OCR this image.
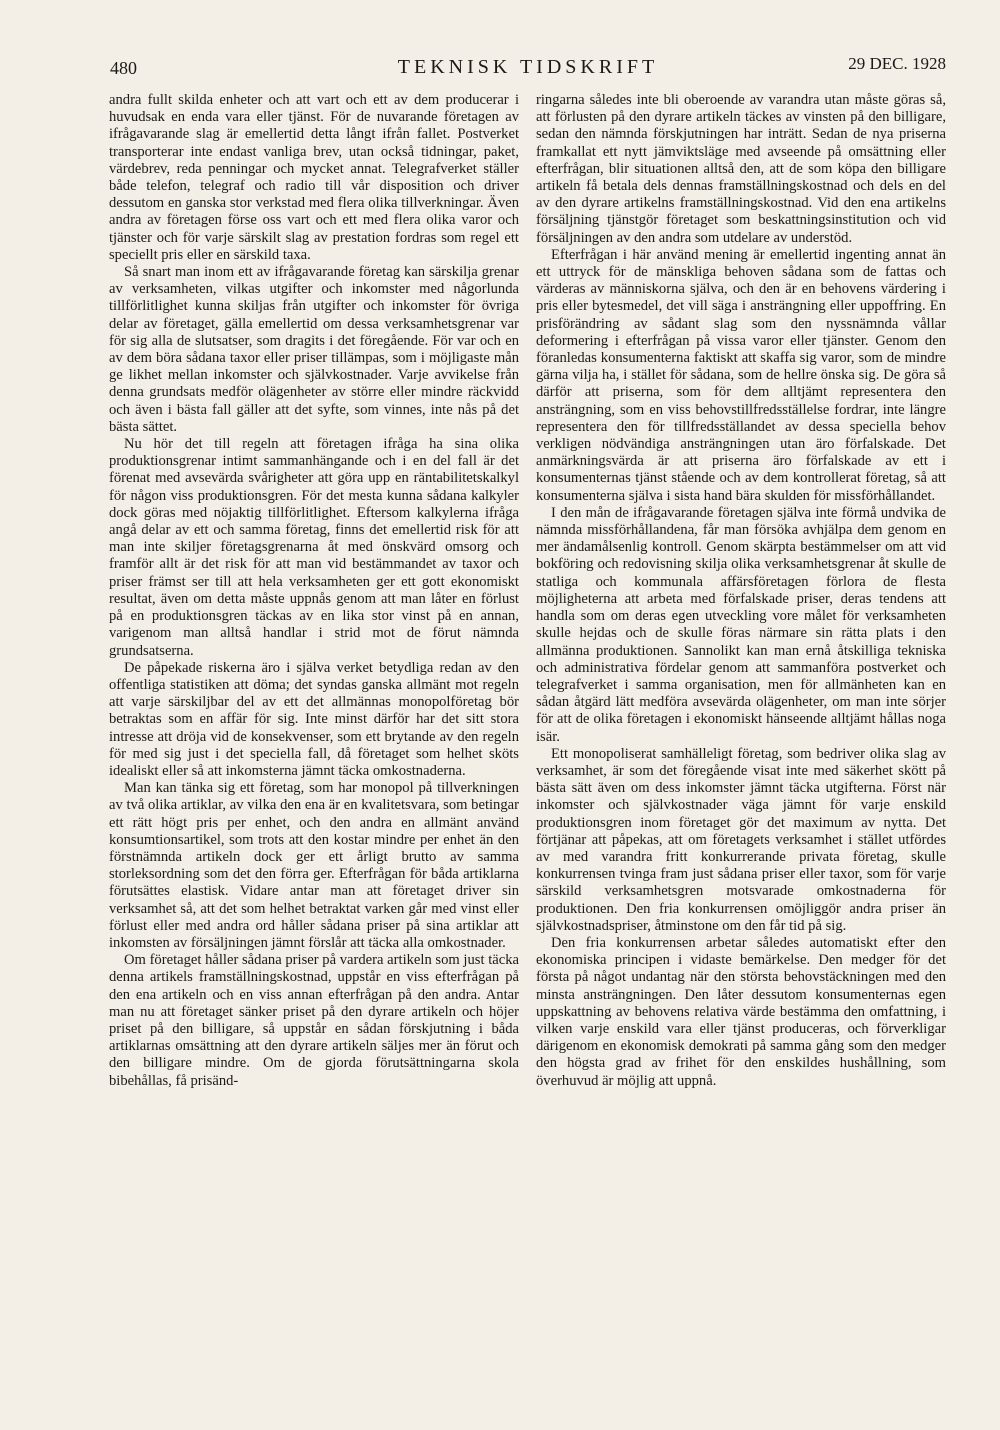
480	TEKNISK TIDSKRIFT	29 DEC. 1928

andra fullt skilda enheter och att vart och ett av dem producerar i huvudsak en enda vara eller tjänst. För de nuvarande företagen av ifrågavarande slag är emellertid detta långt ifrån fallet. Postverket transporterar inte endast vanliga brev, utan också tidningar, paket, värdebrev, reda penningar och mycket annat. Telegrafverket ställer både telefon, telegraf och radio till vår disposition och driver dessutom en ganska stor verkstad med flera olika tillverkningar. Även andra av företagen förse oss vart och ett med flera olika varor och tjänster och för varje särskilt slag av prestation fordras som regel ett speciellt pris eller en särskild taxa.

Så snart man inom ett av ifrågavarande företag kan särskilja grenar av verksamheten, vilkas utgifter och inkomster med någorlunda tillförlitlighet kunna skiljas från utgifter och inkomster för övriga delar av företaget, gälla emellertid om dessa verksamhetsgrenar var för sig alla de slutsatser, som dragits i det föregående. För var och en av dem böra sådana taxor eller priser tillämpas, som i möjligaste mån ge likhet mellan inkomster och självkostnader. Varje avvikelse från denna grundsats medför olägenheter av större eller mindre räckvidd och även i bästa fall gäller att det syfte, som vinnes, inte nås på det bästa sättet.

Nu hör det till regeln att företagen ifråga ha sina olika produktionsgrenar intimt sammanhängande och i en del fall är det förenat med avsevärda svårigheter att göra upp en räntabilitetskalkyl för någon viss produktionsgren. För det mesta kunna sådana kalkyler dock göras med nöjaktig tillförlitlighet. Eftersom kalkylerna ifråga angå delar av ett och samma företag, finns det emellertid risk för att man inte skiljer företagsgrenarna åt med önskvärd omsorg och framför allt är det risk för att man vid bestämmandet av taxor och priser främst ser till att hela verksamheten ger ett gott ekonomiskt resultat, även om detta måste uppnås genom att man låter en förlust på en produktionsgren täckas av en lika stor vinst på en annan, varigenom man alltså handlar i strid mot de förut nämnda grundsatserna.

De påpekade riskerna äro i själva verket betydliga redan av den offentliga statistiken att döma; det syndas ganska allmänt mot regeln att varje särskiljbar del av ett det allmännas monopolföretag bör betraktas som en affär för sig. Inte minst därför har det sitt stora intresse att dröja vid de konsekvenser, som ett brytande av den regeln för med sig just i det speciella fall, då företaget som helhet sköts idealiskt eller så att inkomsterna jämnt täcka omkostnaderna.

Man kan tänka sig ett företag, som har monopol på tillverkningen av två olika artiklar, av vilka den ena är en kvalitetsvara, som betingar ett rätt högt pris per enhet, och den andra en allmänt använd konsumtionsartikel, som trots att den kostar mindre per enhet än den förstnämnda artikeln dock ger ett årligt brutto av samma storleksordning som det den förra ger. Efterfrågan för båda artiklarna förutsättes elastisk. Vidare antar man att företaget driver sin verksamhet så, att det som helhet betraktat varken går med vinst eller förlust eller med andra ord håller sådana priser på sina artiklar att inkomsten av försäljningen jämnt förslår att täcka alla omkostnader.

Om företaget håller sådana priser på vardera artikeln som just täcka denna artikels framställningskostnad, uppstår en viss efterfrågan på den ena artikeln och en viss annan efterfrågan på den andra. Antar man nu att företaget sänker priset på den dyrare artikeln och höjer priset på den billigare, så uppstår en sådan förskjutning i båda artiklarnas omsättning att den dyrare artikeln säljes mer än förut och den billigare mindre. Om de gjorda förutsättningarna skola bibehållas, få prisänd-

ringarna således inte bli oberoende av varandra utan måste göras så, att förlusten på den dyrare artikeln täckes av vinsten på den billigare, sedan den nämnda förskjutningen har inträtt. Sedan de nya priserna framkallat ett nytt jämviktsläge med avseende på omsättning eller efterfrågan, blir situationen alltså den, att de som köpa den billigare artikeln få betala dels dennas framställningskostnad och dels en del av den dyrare artikelns framställningskostnad. Vid den ena artikelns försäljning tjänstgör företaget som beskattningsinstitution och vid försäljningen av den andra som utdelare av understöd.

Efterfrågan i här använd mening är emellertid ingenting annat än ett uttryck för de mänskliga behoven sådana som de fattas och värderas av människorna själva, och den är en behovens värdering i pris eller bytesmedel, det vill säga i ansträngning eller uppoffring. En prisförändring av sådant slag som den nyssnämnda vållar deformering i efterfrågan på vissa varor eller tjänster. Genom den föranledas konsumenterna faktiskt att skaffa sig varor, som de mindre gärna vilja ha, i stället för sådana, som de hellre önska sig. De göra så därför att priserna, som för dem alltjämt representera den ansträngning, som en viss behovstillfredsställelse fordrar, inte längre representera den för tillfredsställandet av dessa speciella behov verkligen nödvändiga ansträngningen utan äro förfalskade. Det anmärkningsvärda är att priserna äro förfalskade av ett i konsumenternas tjänst stående och av dem kontrollerat företag, så att konsumenterna själva i sista hand bära skulden för missförhållandet.

I den mån de ifrågavarande företagen själva inte förmå undvika de nämnda missförhållandena, får man försöka avhjälpa dem genom en mer ändamålsenlig kontroll. Genom skärpta bestämmelser om att vid bokföring och redovisning skilja olika verksamhetsgrenar åt skulle de statliga och kommunala affärsföretagen förlora de flesta möjligheterna att arbeta med förfalskade priser, deras tendens att handla som om deras egen utveckling vore målet för verksamheten skulle hejdas och de skulle föras närmare sin rätta plats i den allmänna produktionen. Sannolikt kan man ernå åtskilliga tekniska och administrativa fördelar genom att sammanföra postverket och telegrafverket i samma organisation, men för allmänheten kan en sådan åtgärd lätt medföra avsevärda olägenheter, om man inte sörjer för att de olika företagen i ekonomiskt hänseende alltjämt hållas noga isär.

Ett monopoliserat samhälleligt företag, som bedriver olika slag av verksamhet, är som det föregående visat inte med säkerhet skött på bästa sätt även om dess inkomster jämnt täcka utgifterna. Först när inkomster och självkostnader väga jämnt för varje enskild produktionsgren inom företaget gör det maximum av nytta. Det förtjänar att påpekas, att om företagets verksamhet i stället utfördes av med varandra fritt konkurrerande privata företag, skulle konkurrensen tvinga fram just sådana priser eller taxor, som för varje särskild verksamhetsgren motsvarade omkostnaderna för produktionen. Den fria konkurrensen omöjliggör andra priser än självkostnadspriser, åtminstone om den får tid på sig.

Den fria konkurrensen arbetar således automatiskt efter den ekonomiska principen i vidaste bemärkelse. Den medger för det första på något undantag när den största behovstäckningen med den minsta ansträngningen. Den låter dessutom konsumenternas egen uppskattning av behovens relativa värde bestämma den omfattning, i vilken varje enskild vara eller tjänst produceras, och förverkligar därigenom en ekonomisk demokrati på samma gång som den medger den högsta grad av frihet för den enskildes hushållning, som överhuvud är möjlig att uppnå.
